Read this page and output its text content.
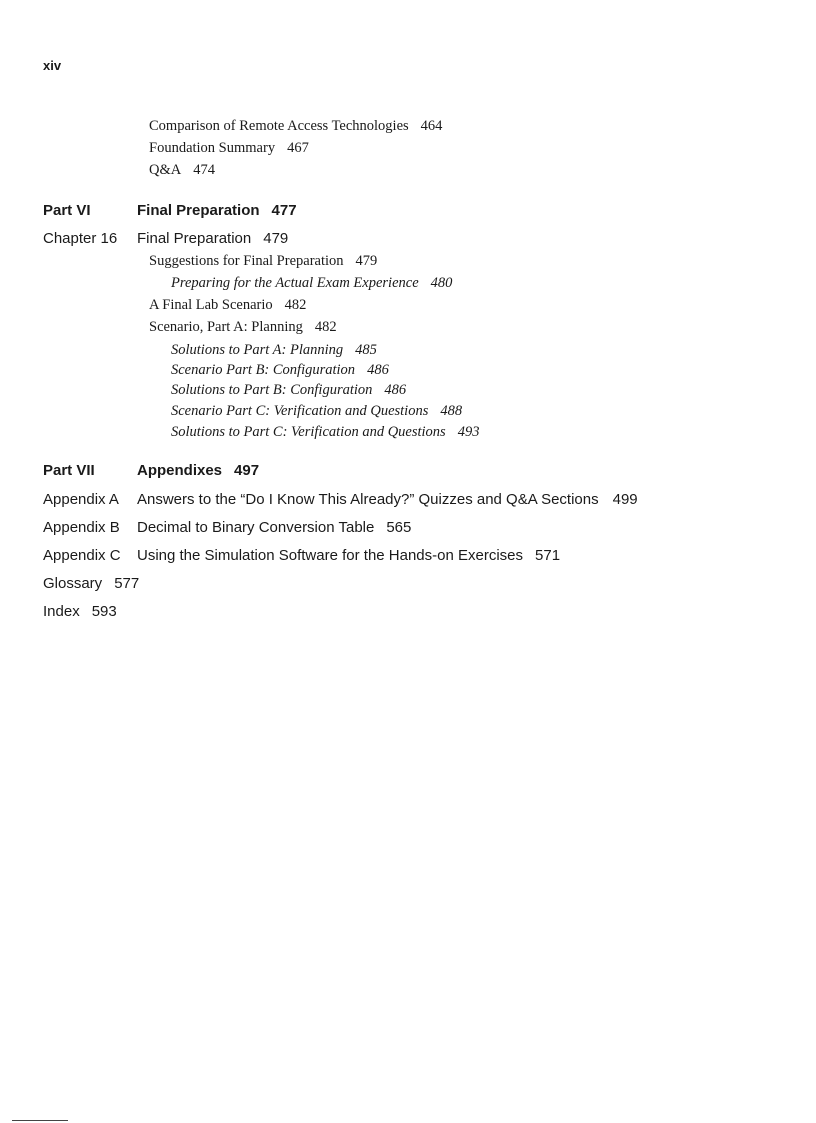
xiv
Comparison of Remote Access Technologies 464
Foundation Summary 467
Q&A 474
Part VI	Final Preparation 477
Chapter 16 Final Preparation 479
Suggestions for Final Preparation 479
Preparing for the Actual Exam Experience 480
A Final Lab Scenario 482
Scenario, Part A: Planning 482
Solutions to Part A: Planning 485
Scenario Part B: Configuration 486
Solutions to Part B: Configuration 486
Scenario Part C: Verification and Questions 488
Solutions to Part C: Verification and Questions 493
Part VII	Appendixes 497
Appendix A Answers to the “Do I Know This Already?” Quizzes and Q&A Sections 499
Appendix B Decimal to Binary Conversion Table 565
Appendix C Using the Simulation Software for the Hands-on Exercises 571
Glossary 577
Index 593
